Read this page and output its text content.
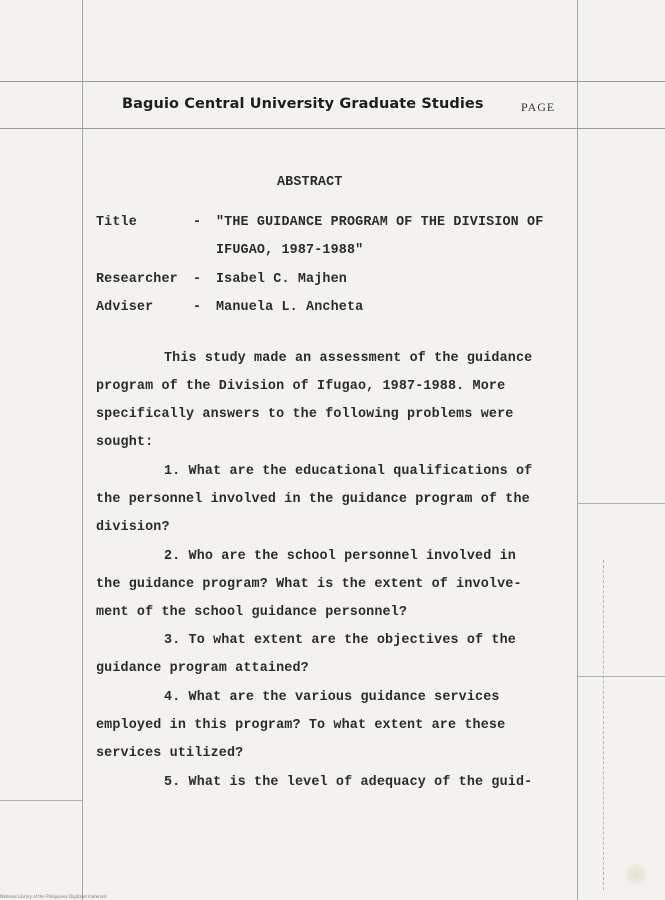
Baguio Central University Graduate Studies	PAGE
ABSTRACT
Title	- "THE GUIDANCE PROGRAM OF THE DIVISION OF
IFUGAO, 1987-1988"
Researcher - Isabel C. Majhen
Adviser	- Manuela L. Ancheta
This study made an assessment of the guidance
program of the Division of Ifugao, 1987-1988. More
specifically answers to the following problems were
sought:
1. What are the educational qualifications of
the personnel involved in the guidance program of the
division?
2. Who are the school personnel involved in
the guidance program? What is the extent of involve-
ment of the school guidance personnel?
3. To what extent are the objectives of the
guidance program attained?
4. What are the various guidance services
employed in this program? To what extent are these
services utilized?
5. What is the level of adequacy of the guid-
National Library of the Philippines Digitized materials
